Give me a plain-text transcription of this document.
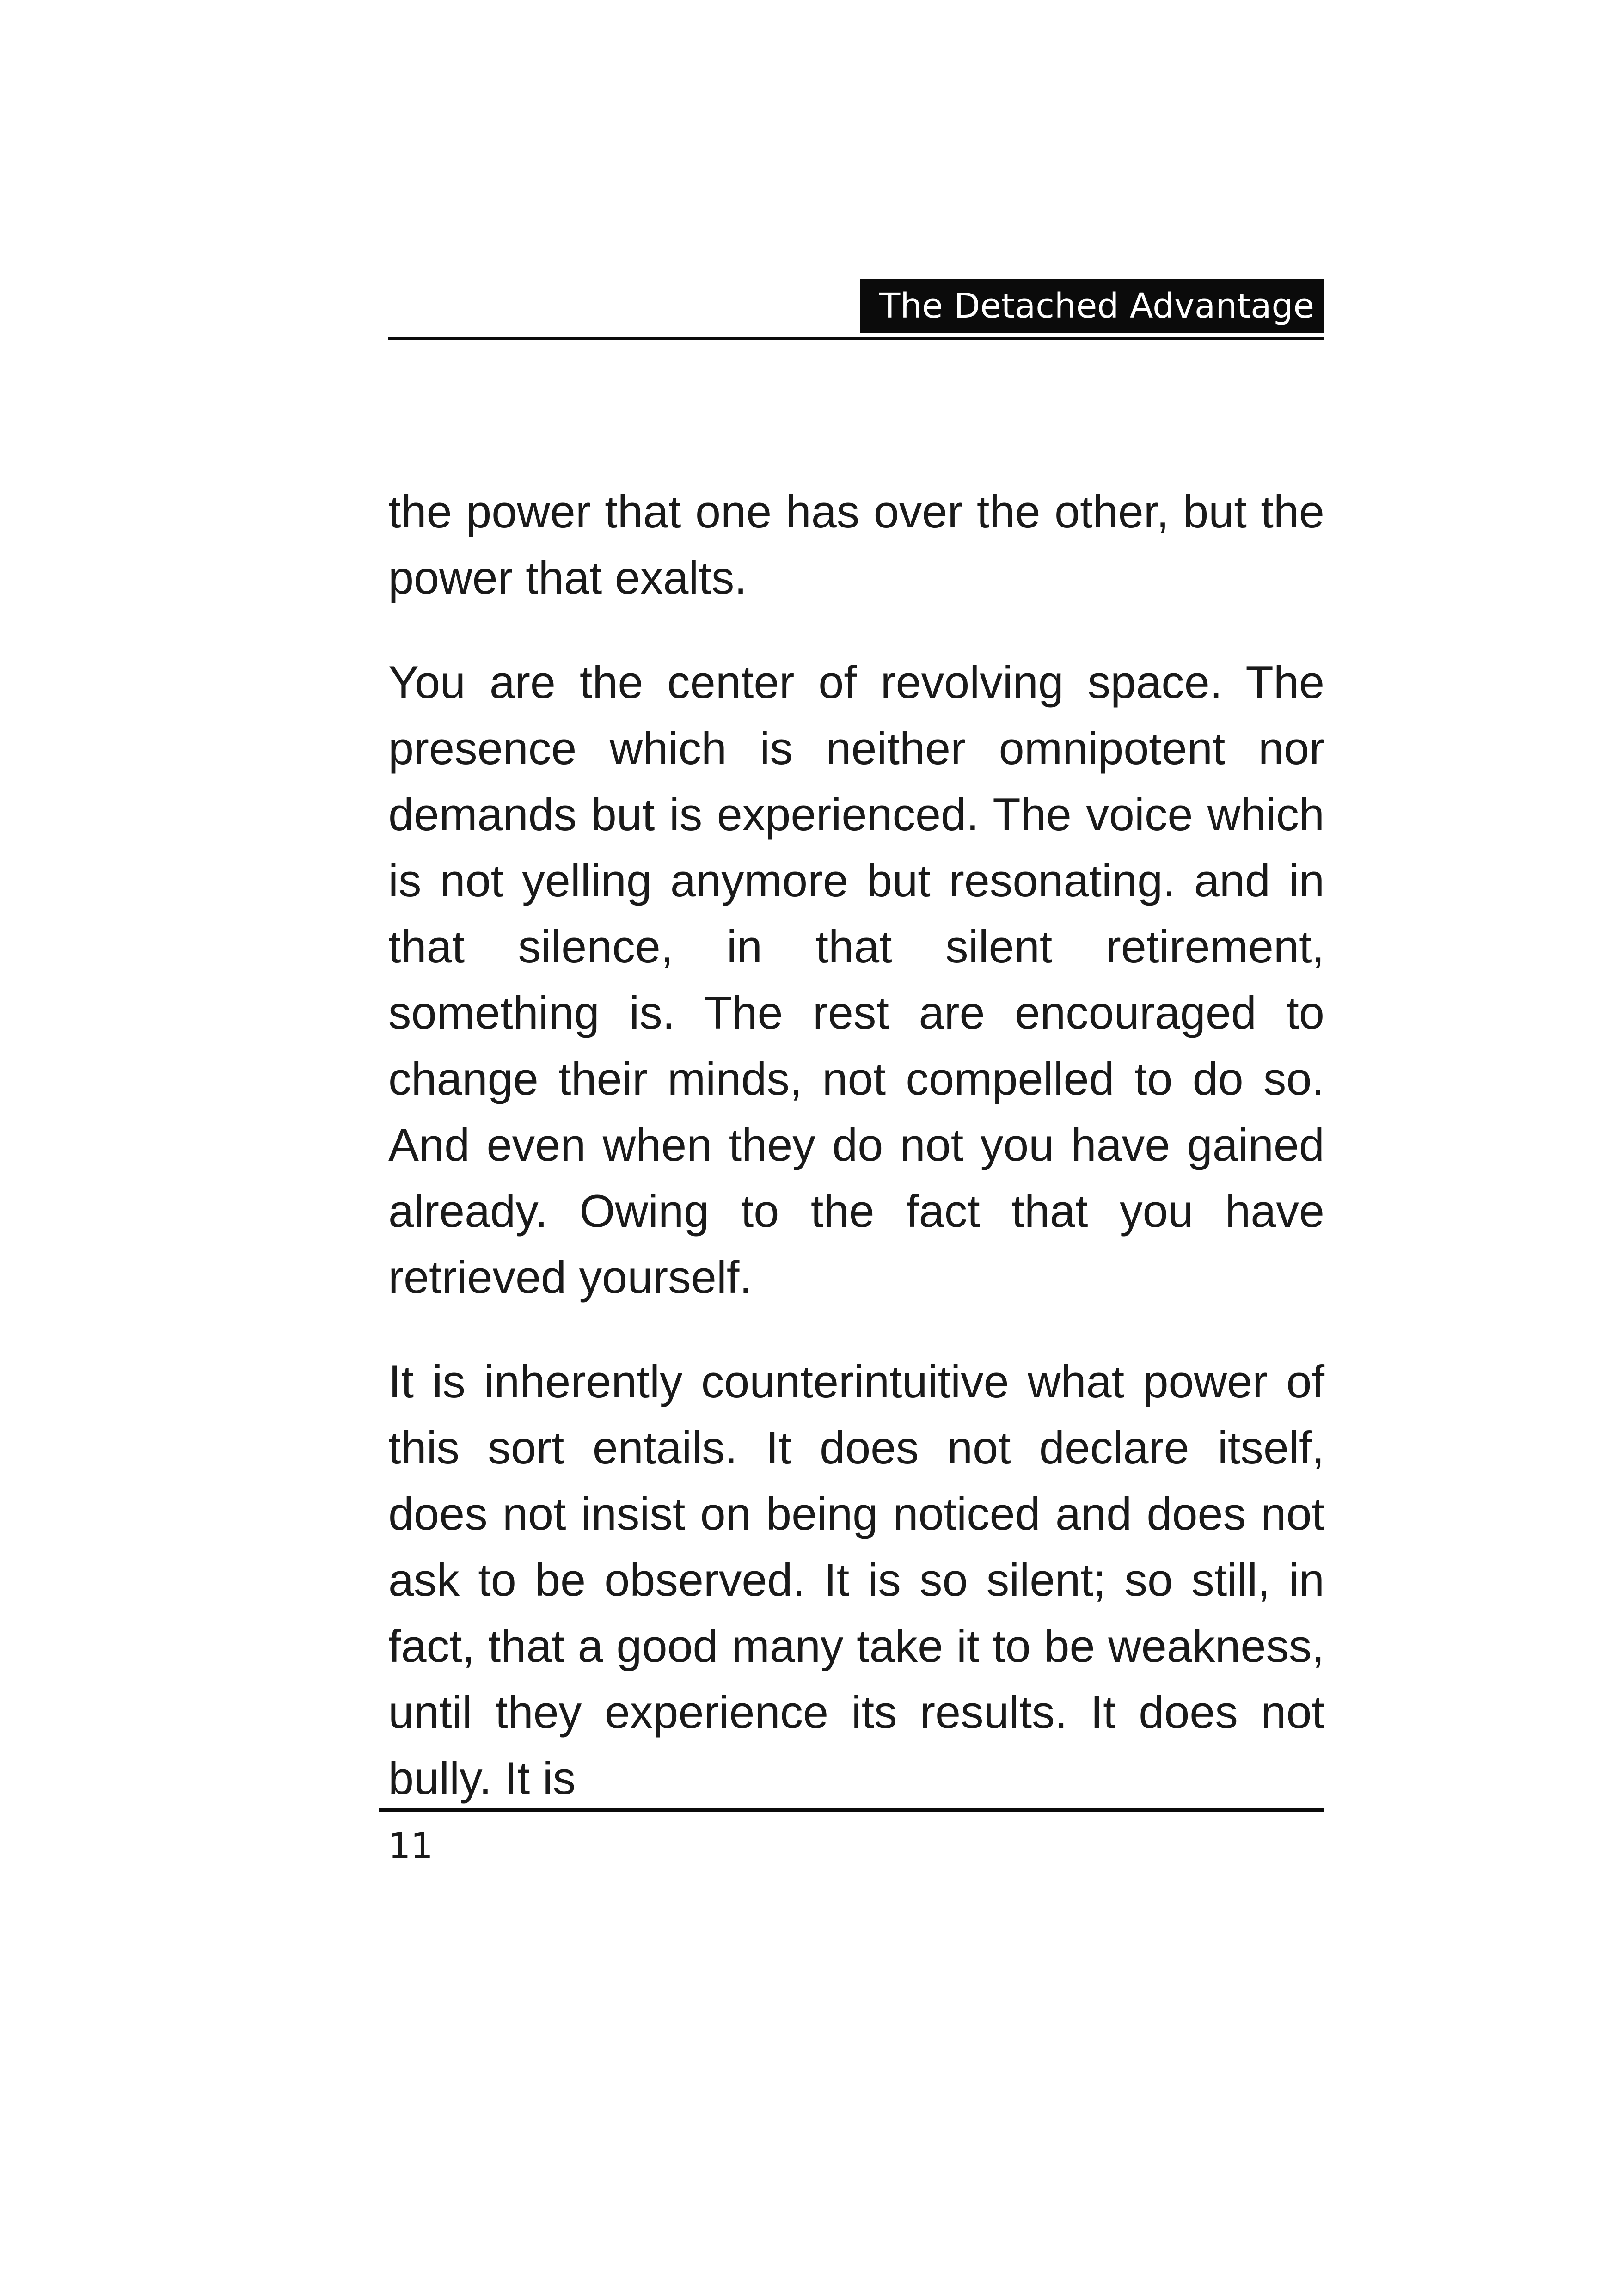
The Detached Advantage

the power that one has over the other, but the power that exalts.

You are the center of revolving space. The presence which is neither omnipotent nor demands but is experienced. The voice which is not yelling anymore but resonating. and in that silence, in that silent retirement, something is. The rest are encouraged to change their minds, not compelled to do so. And even when they do not you have gained already. Owing to the fact that you have retrieved yourself.

It is inherently counterintuitive what power of this sort entails. It does not declare itself, does not insist on being noticed and does not ask to be observed. It is so silent; so still, in fact, that a good many take it to be weakness, until they experience its results. It does not bully. It is

11
